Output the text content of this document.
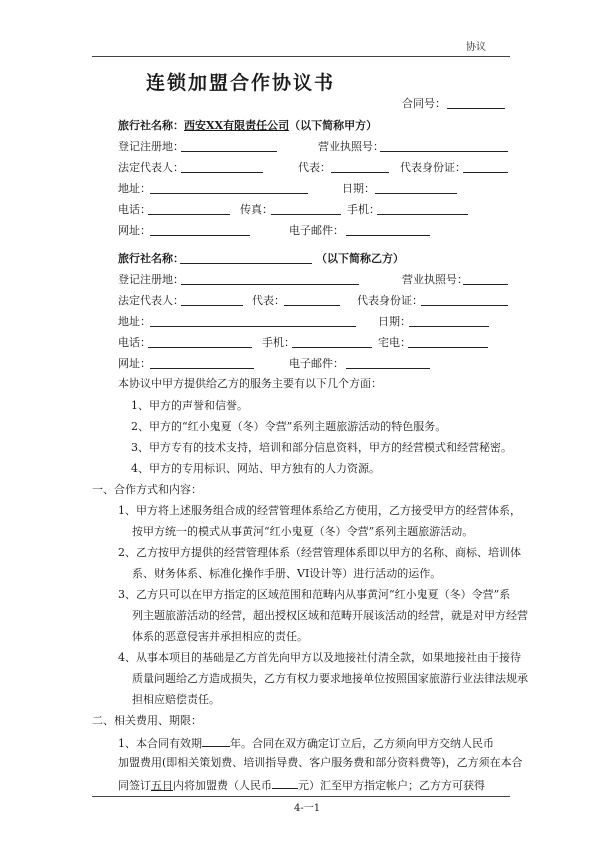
协议
连锁加盟合作协议书
合同号：
旅行社名称：西安XX有限责任公司（以下简称甲方）
登记注册地：	营业执照号：
法定代表人：	代表：	代表身份证：
地址：	日期：
电话：	传真：	手机：
网址：	电子邮件：
旅行社名称：	（以下简称乙方）
登记注册地：	营业执照号：
法定代表人：	代表：	代表身份证：
地址：	日期：
电话：	手机：	宅电：
网址：	电子邮件：
本协议中甲方提供给乙方的服务主要有以下几个方面：
1、甲方的声誉和信誉。
2、甲方的“红小鬼夏（冬）令营”系列主题旅游活动的特色服务。
3、甲方专有的技术支持，培训和部分信息资料，甲方的经营模式和经营秘密。
4、甲方的专用标识、网站、甲方独有的人力资源。
一、合作方式和内容：
1、甲方将上述服务组合成的经营管理体系给乙方使用，乙方接受甲方的经营体系，
按甲方统一的模式从事黄河“红小鬼夏（冬）令营”系列主题旅游活动。
2、乙方按甲方提供的经营管理体系（经营管理体系即以甲方的名称、商标、培训体
系、财务体系、标准化操作手册、VI设计等）进行活动的运作。
3、乙方只可以在甲方指定的区域范围和范畴内从事黄河“红小鬼夏（冬）令营”系
列主题旅游活动的经营，超出授权区域和范畴开展该活动的经营，就是对甲方经营
体系的恶意侵害并承担相应的责任。
4、从事本项目的基础是乙方首先向甲方以及地接社付清全款，如果地接社由于接待
质量问题给乙方造成损失，乙方有权力要求地接单位按照国家旅游行业法律法规承
担相应赔偿责任。
二、相关费用、期限：
1、本合同有效期	年。合同在双方确定订立后，乙方须向甲方交纳人民币
加盟费用(即相关策划费、培训指导费、客户服务费和部分资料费等)，乙方须在本合
同签订五日内将加盟费（人民币 元）汇至甲方指定帐户；乙方方可获得
4-一1
